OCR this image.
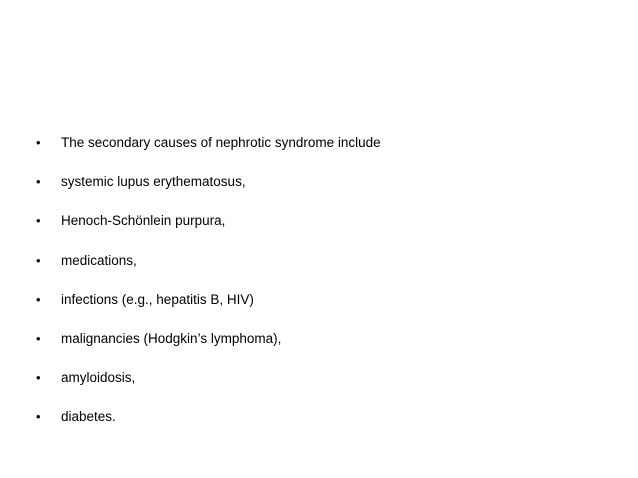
•	The secondary causes of nephrotic syndrome include
•	systemic lupus erythematosus,
•	Henoch-Schönlein purpura,
•	medications,
•	infections (e.g., hepatitis B, HIV)
•	malignancies (Hodgkin’s lymphoma),
•	amyloidosis,
•	diabetes.
